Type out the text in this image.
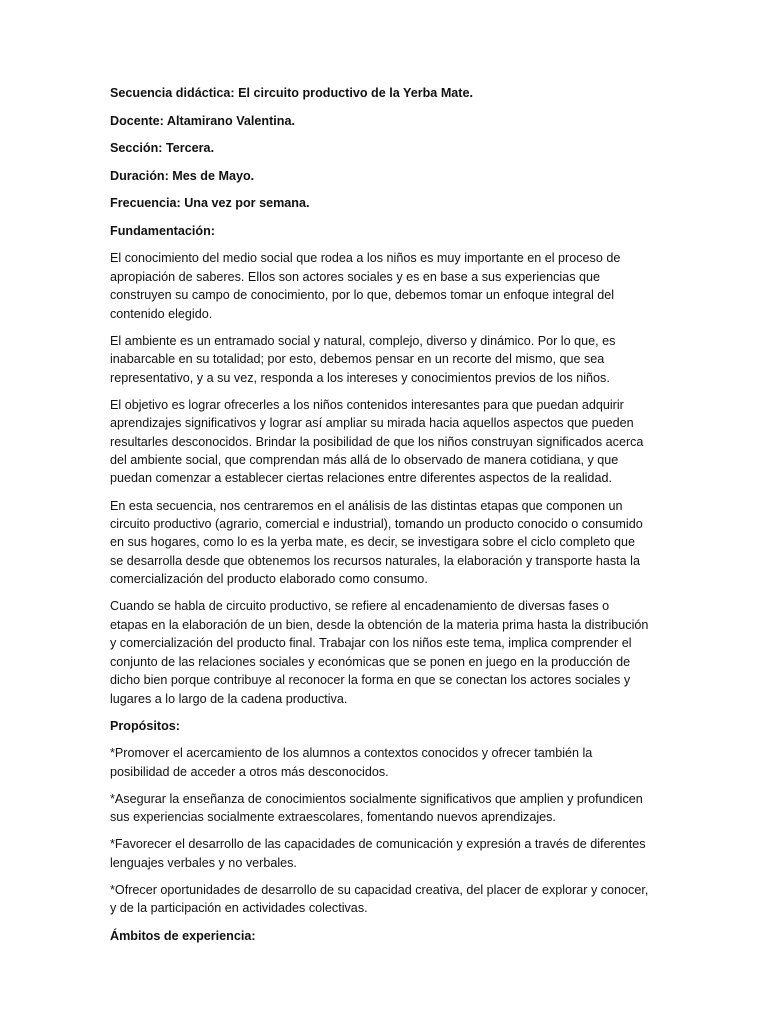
Secuencia didáctica: El circuito productivo de la Yerba Mate.
Docente: Altamirano Valentina.
Sección: Tercera.
Duración: Mes de Mayo.
Frecuencia: Una vez por semana.
Fundamentación:

El conocimiento del medio social que rodea a los niños es muy importante en el proceso de apropiación de saberes. Ellos son actores sociales y es en base a sus experiencias que construyen su campo de conocimiento, por lo que, debemos tomar un enfoque integral del contenido elegido.

El ambiente es un entramado social y natural, complejo, diverso y dinámico. Por lo que, es inabarcable en su totalidad; por esto, debemos pensar en un recorte del mismo, que sea representativo, y a su vez, responda a los intereses y conocimientos previos de los niños.

El objetivo es lograr ofrecerles a los niños contenidos interesantes para que puedan adquirir aprendizajes significativos y lograr así ampliar su mirada hacia aquellos aspectos que pueden resultarles desconocidos. Brindar la posibilidad de que los niños construyan significados acerca del ambiente social, que comprendan más allá de lo observado de manera cotidiana, y que puedan comenzar a establecer ciertas relaciones entre diferentes aspectos de la realidad.

En esta secuencia, nos centraremos en el análisis de las distintas etapas que componen un circuito productivo (agrario, comercial e industrial), tomando un producto conocido o consumido en sus hogares, como lo es la yerba mate, es decir, se investigara sobre el ciclo completo que se desarrolla desde que obtenemos los recursos naturales, la elaboración y transporte hasta la comercialización del producto elaborado como consumo.

Cuando se habla de circuito productivo, se refiere al encadenamiento de diversas fases o etapas en la elaboración de un bien, desde la obtención de la materia prima hasta la distribución y comercialización del producto final. Trabajar con los niños este tema, implica comprender el conjunto de las relaciones sociales y económicas que se ponen en juego en la producción de dicho bien porque contribuye al reconocer la forma en que se conectan los actores sociales y lugares a lo largo de la cadena productiva.

Propósitos:

*Promover el acercamiento de los alumnos a contextos conocidos y ofrecer también la posibilidad de acceder a otros más desconocidos.

*Asegurar la enseñanza de conocimientos socialmente significativos que amplien y profundicen sus experiencias socialmente extraescolares, fomentando nuevos aprendizajes.

*Favorecer el desarrollo de las capacidades de comunicación y expresión a través de diferentes lenguajes verbales y no verbales.

*Ofrecer oportunidades de desarrollo de su capacidad creativa, del placer de explorar y conocer, y de la participación en actividades colectivas.

Ámbitos de experiencia:
